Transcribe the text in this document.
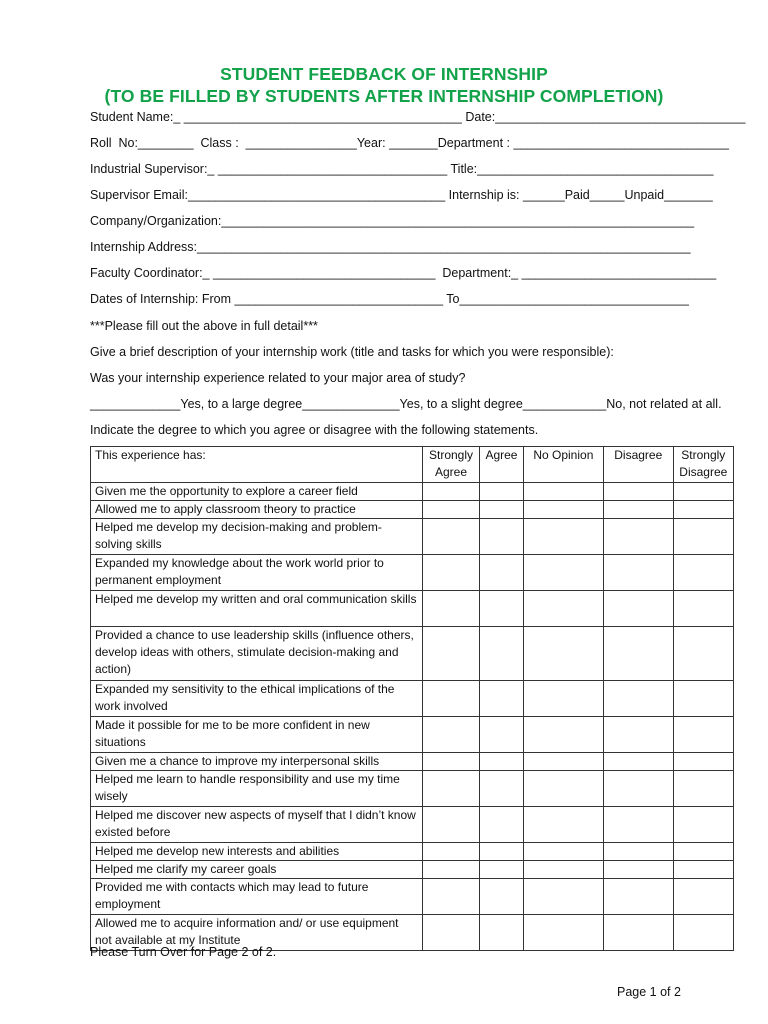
STUDENT FEEDBACK OF INTERNSHIP
(TO BE FILLED BY STUDENTS AFTER INTERNSHIP COMPLETION)
Student Name:_ ________________________________________ Date:____________________________________
Roll  No:________  Class :  ________________Year: _______Department : _______________________________
Industrial Supervisor:_ _________________________________ Title:__________________________________
Supervisor Email:_____________________________________ Internship is: ______Paid_____Unpaid_______
Company/Organization:____________________________________________________________________
Internship Address:_______________________________________________________________________
Faculty Coordinator:_ ________________________________  Department:_ ____________________________
Dates of Internship: From ______________________________ To_________________________________
***Please fill out the above in full detail***
Give a brief description of your internship work (title and tasks for which you were responsible):
Was your internship experience related to your major area of study?
_____________Yes, to a large degree______________Yes, to a slight degree____________No, not related at all.
Indicate the degree to which you agree or disagree with the following statements.
This experience has:	Strongly Agree	Agree	No Opinion	Disagree	Strongly Disagree
Given me the opportunity to explore a career field					
Allowed me to apply classroom theory to practice					
Helped me develop my decision-making and problem-solving skills					
Expanded my knowledge about the work world prior to permanent employment					
Helped me develop my written and oral communication skills					
Provided a chance to use leadership skills (influence others, develop ideas with others, stimulate decision-making and action)					
Expanded my sensitivity to the ethical implications of the work involved					
Made it possible for me to be more confident in new situations					
Given me a chance to improve my interpersonal skills					
Helped me learn to handle responsibility and use my time wisely					
Helped me discover new aspects of myself that I didn’t know existed before					
Helped me develop new interests and abilities					
Helped me clarify my career goals					
Provided me with contacts which may lead to future employment					
Allowed me to acquire information and/ or use equipment not available at my Institute					
Please Turn Over for Page 2 of 2.
Page 1 of 2
